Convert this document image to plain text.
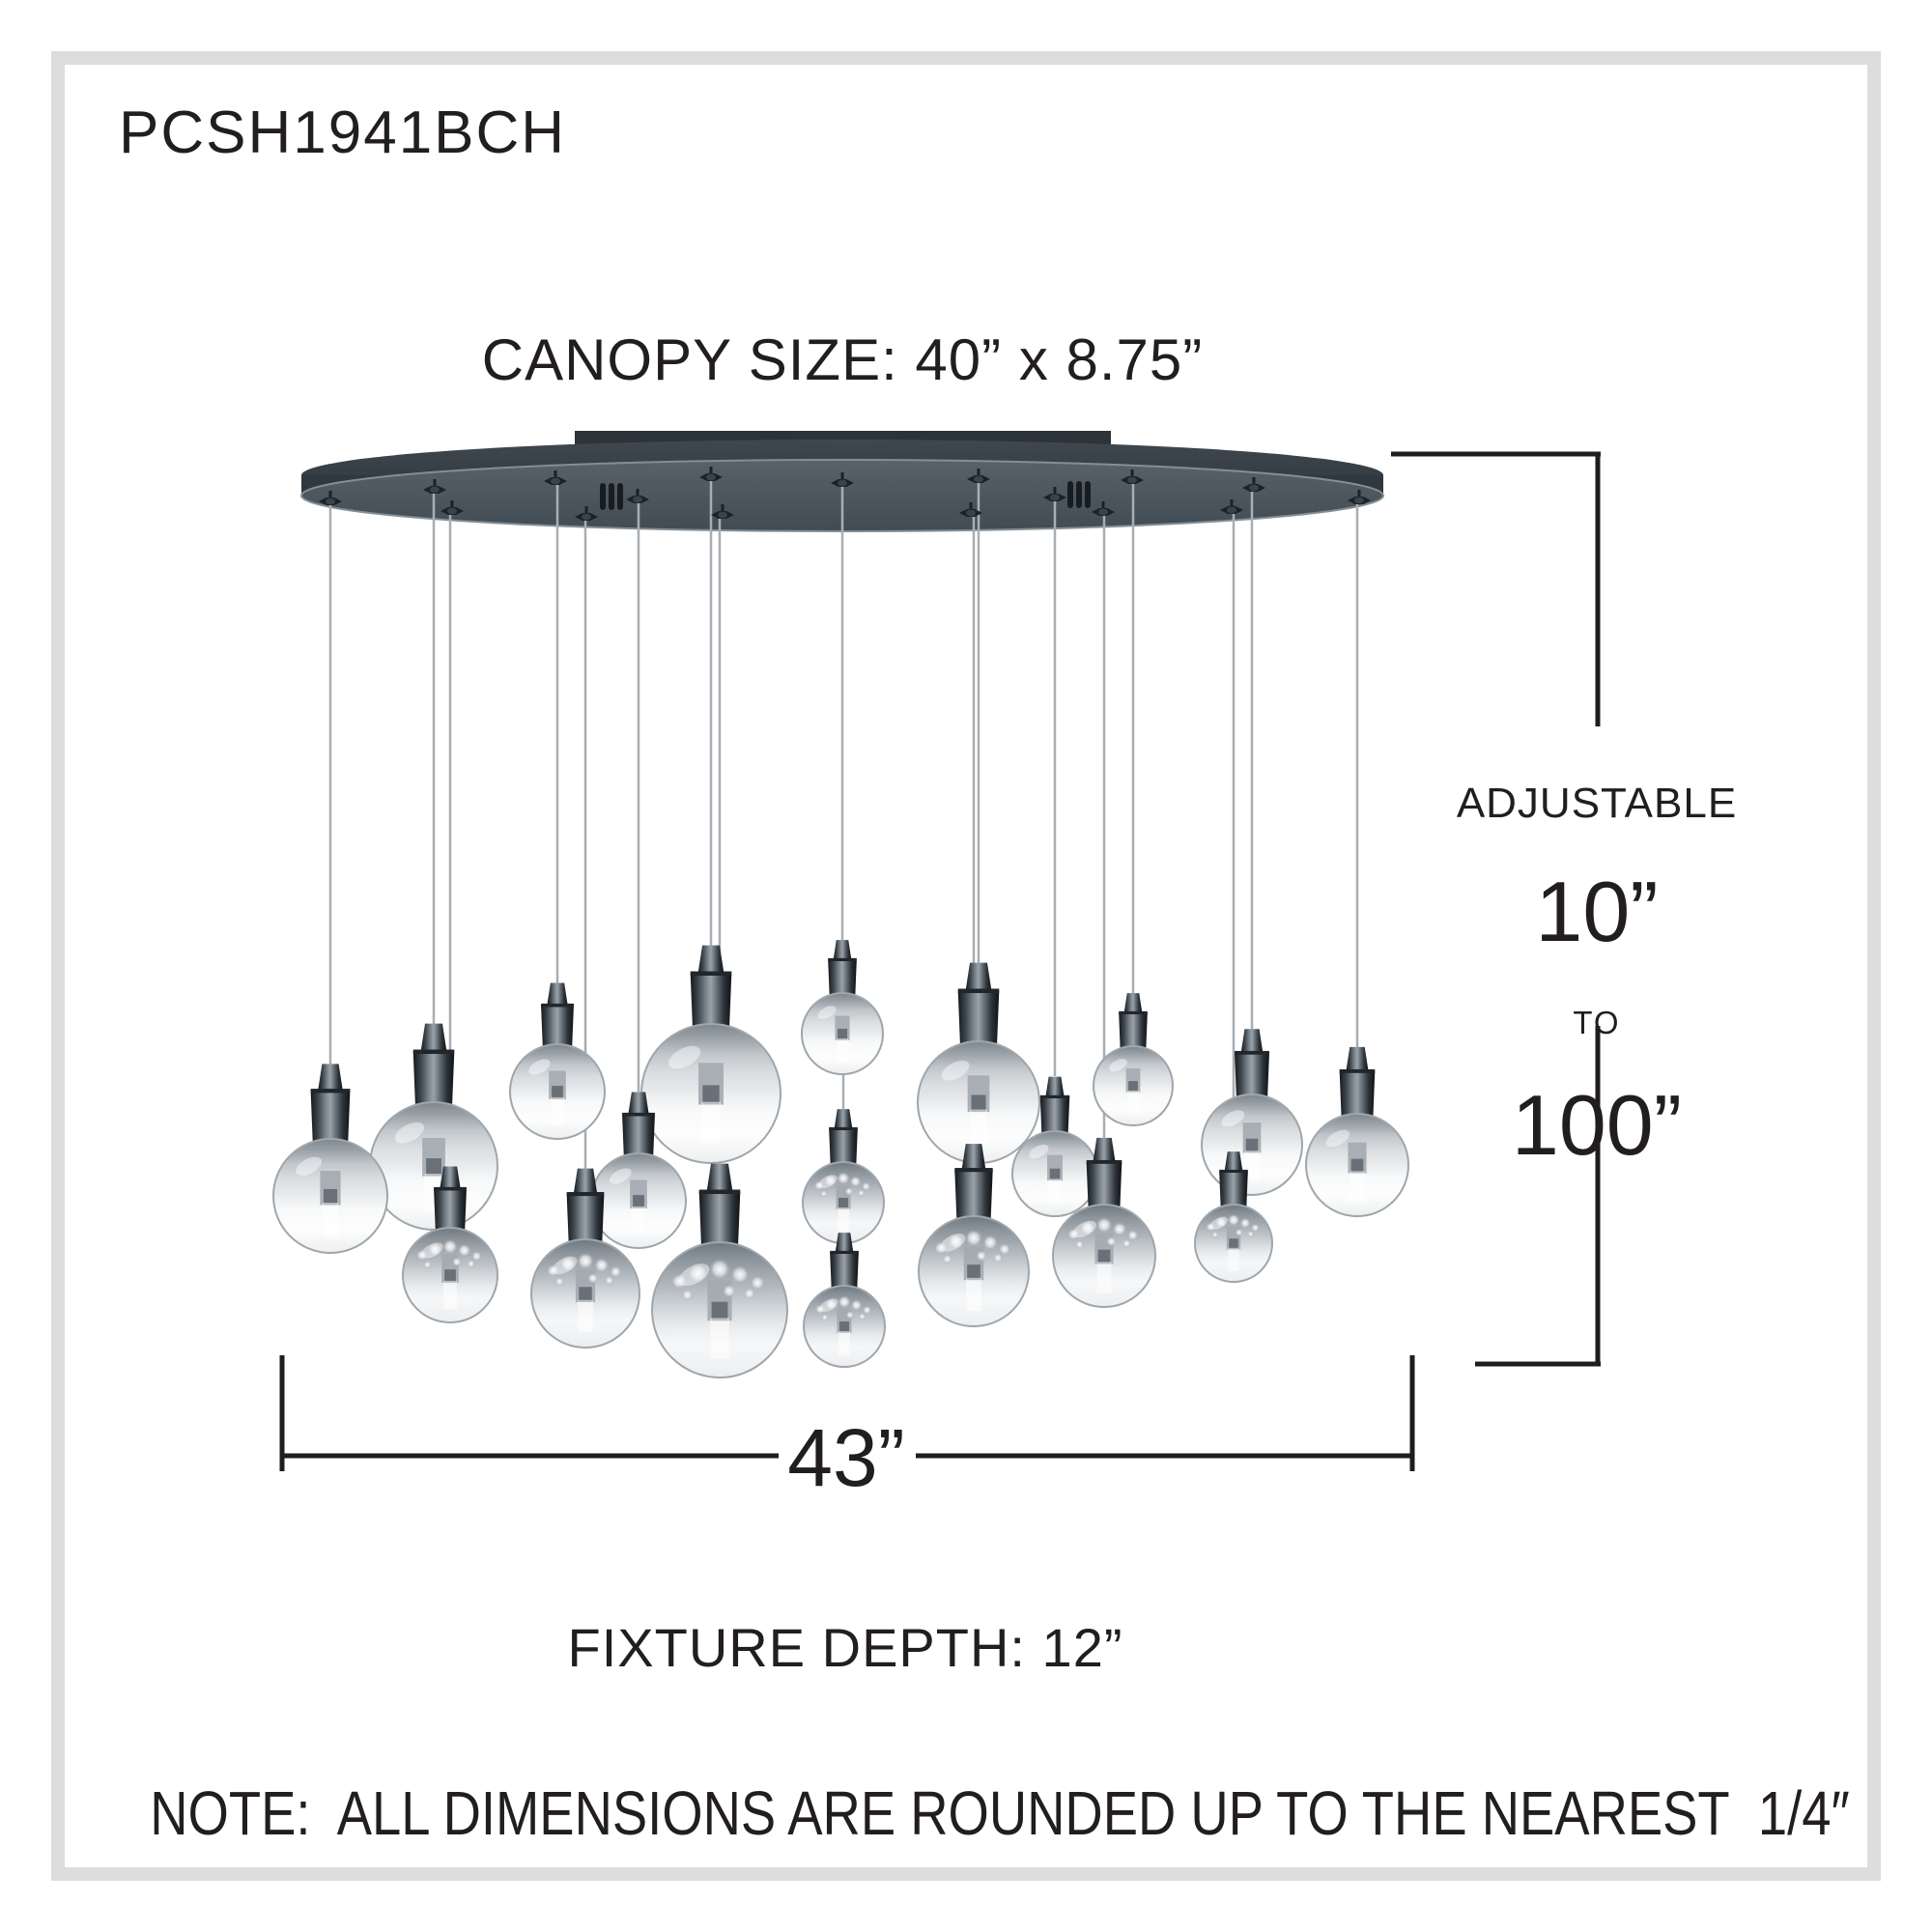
PCSH1941BCH
CANOPY SIZE: 40” x 8.75”

ADJUSTABLE

10”

TO

100”

43”
FIXTURE DEPTH: 12”
NOTE:  ALL DIMENSIONS ARE ROUNDED UP TO THE NEAREST  1/4″
